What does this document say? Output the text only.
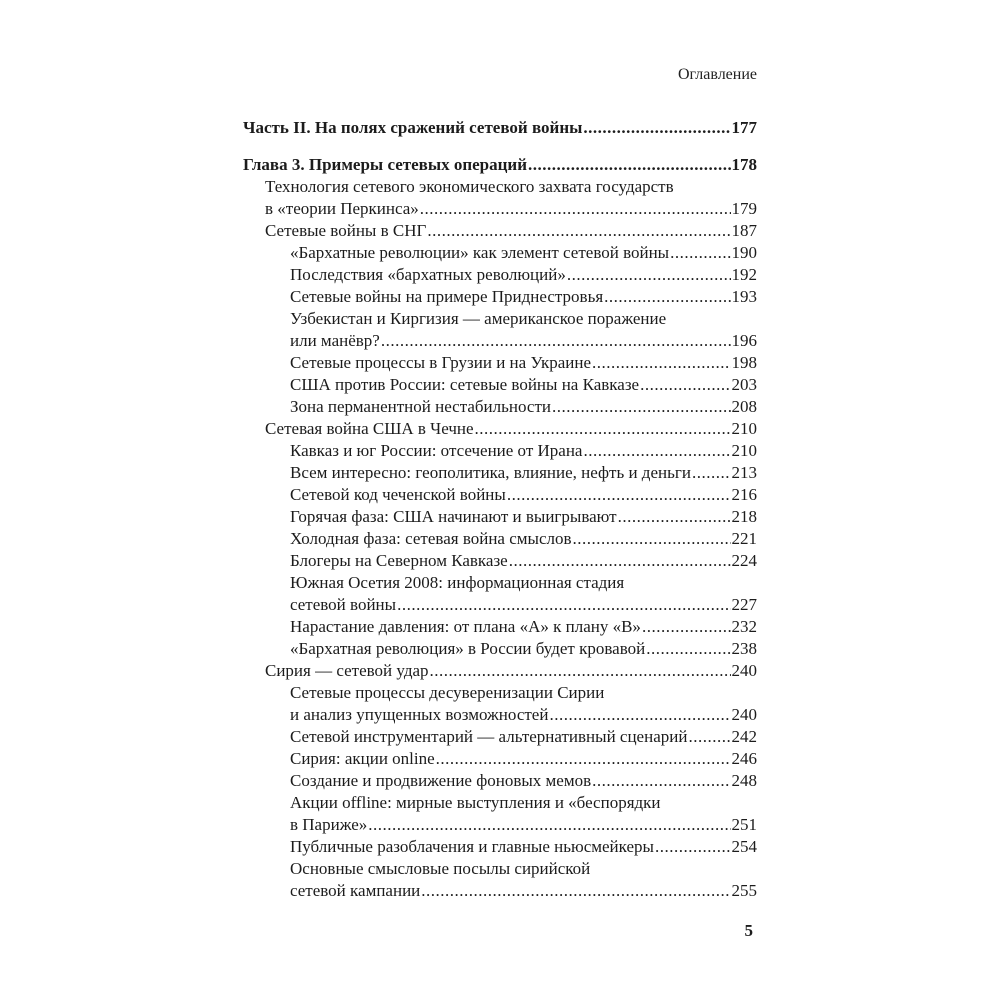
Оглавление
Часть II. На полях сражений сетевой войны .....	177
Глава 3. Примеры сетевых операций .....	178
Технология сетевого экономического захвата государств
в «теории Перкинса» .....	179
Сетевые войны в СНГ .....	187
«Бархатные революции» как элемент сетевой войны .....	190
Последствия «бархатных революций» .....	192
Сетевые войны на примере Приднестровья .....	193
Узбекистан и Киргизия — американское поражение
или манёвр? .....	196
Сетевые процессы в Грузии и на Украине .....	198
США против России: сетевые войны на Кавказе .....	203
Зона перманентной нестабильности .....	208
Сетевая война США в Чечне .....	210
Кавказ и юг России: отсечение от Ирана .....	210
Всем интересно: геополитика, влияние, нефть и деньги ..... 213
Сетевой код чеченской войны .....	216
Горячая фаза: США начинают и выигрывают .....	218
Холодная фаза: сетевая война смыслов .....	221
Блогеры на Северном Кавказе .....	224
Южная Осетия 2008: информационная стадия
сетевой войны .....	227
Нарастание давления: от плана «А» к плану «В» .....	232
«Бархатная революция» в России будет кровавой .....	238
Сирия — сетевой удар .....	240
Сетевые процессы десуверенизации Сирии
и анализ упущенных возможностей .....	240
Сетевой инструментарий — альтернативный сценарий .....	242
Сирия: акции online .....	246
Создание и продвижение фоновых мемов .....	248
Акции offline: мирные выступления и «беспорядки
в Париже» .....	251
Публичные разоблачения и главные ньюсмейкеры .....	254
Основные смысловые посылы сирийской
сетевой кампании .....	255
5
